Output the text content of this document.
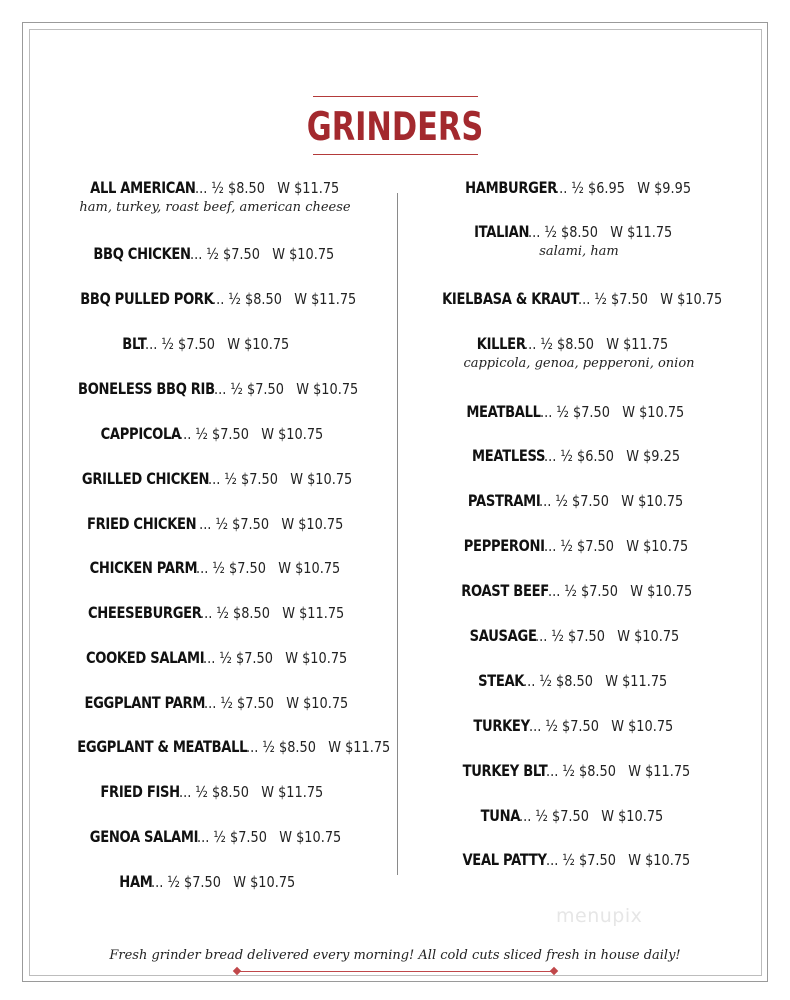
GRINDERS
ALL AMERICAN ... ½ $8.50   W $11.75
ham, turkey, roast beef, american cheese
BBQ CHICKEN ... ½ $7.50   W $10.75
BBQ PULLED PORK ... ½ $8.50   W $11.75
BLT ... ½ $7.50   W $10.75
BONELESS BBQ RIB ... ½ $7.50   W $10.75
CAPPICOLA ... ½ $7.50   W $10.75
GRILLED CHICKEN ... ½ $7.50   W $10.75
FRIED CHICKEN  ... ½ $7.50   W $10.75
CHICKEN PARM ... ½ $7.50   W $10.75
CHEESEBURGER ... ½ $8.50   W $11.75
COOKED SALAMI ... ½ $7.50   W $10.75
EGGPLANT PARM ... ½ $7.50   W $10.75
EGGPLANT & MEATBALL ... ½ $8.50   W $11.75
FRIED FISH ... ½ $8.50   W $11.75
GENOA SALAMI ... ½ $7.50   W $10.75
HAM ... ½ $7.50   W $10.75
HAMBURGER ... ½ $6.95   W $9.95
ITALIAN ... ½ $8.50   W $11.75
salami, ham
KIELBASA & KRAUT ... ½ $7.50   W $10.75
KILLER ... ½ $8.50   W $11.75
cappicola, genoa, pepperoni, onion
MEATBALL ... ½ $7.50   W $10.75
MEATLESS ... ½ $6.50   W $9.25
PASTRAMI ... ½ $7.50   W $10.75
PEPPERONI ... ½ $7.50   W $10.75
ROAST BEEF ... ½ $7.50   W $10.75
SAUSAGE ... ½ $7.50   W $10.75
STEAK ... ½ $8.50   W $11.75
TURKEY ... ½ $7.50   W $10.75
TURKEY BLT ... ½ $8.50   W $11.75
TUNA ... ½ $7.50   W $10.75
VEAL PATTY ... ½ $7.50   W $10.75
Fresh grinder bread delivered every morning! All cold cuts sliced fresh in house daily!
menupix
